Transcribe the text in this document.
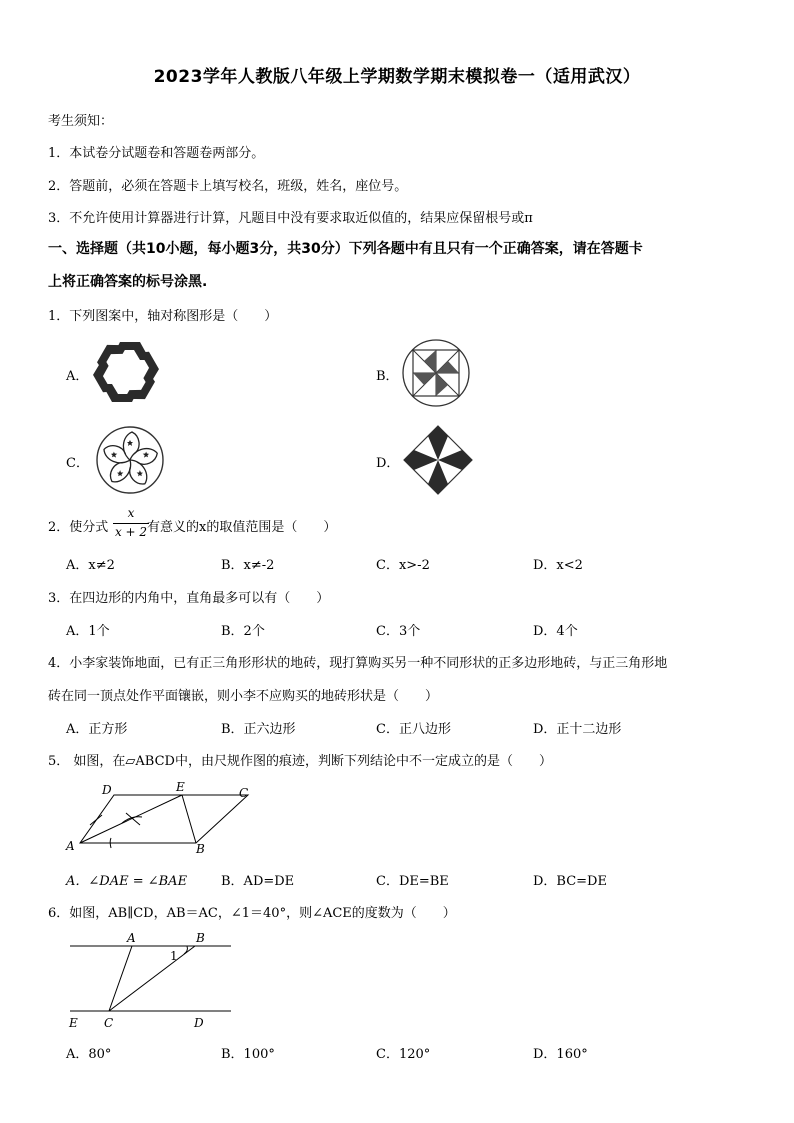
2023学年人教版八年级上学期数学期末模拟卷一（适用武汉）
考生须知：
1．本试卷分试题卷和答题卷两部分。
2．答题前，必须在答题卡上填写校名，班级，姓名，座位号。
3．不允许使用计算器进行计算，凡题目中没有要求取近似值的，结果应保留根号或π
一、选择题（共10小题，每小题3分，共30分）下列各题中有且只有一个正确答案，请在答题卡
上将正确答案的标号涂黑.
1．下列图案中，轴对称图形是（　　）
A．	B．
C．	D．
2．使分式
x
x + 2 有意义的x的取值范围是（　　）
A．x≠2	B．x≠-2	C．x>-2	D．x<2
3．在四边形的内角中，直角最多可以有（　　）
A．1个	B．2个	C．3个	D．4个
4．小李家装饰地面，已有正三角形形状的地砖，现打算购买另一种不同形状的正多边形地砖，与正三角形地
砖在同一顶点处作平面镶嵌，则小李不应购买的地砖形状是（　　）
A．正方形	B．正六边形	C．正八边形	D．正十二边形
5． 如图，在▱ABCD中，由尺规作图的痕迹，判断下列结论中不一定成立的是（　　）
D	E	C
A	B
A．∠DAE = ∠BAE	B．AD=DE	C．DE=BE	D．BC=DE
6．如图，AB∥CD，AB＝AC，∠1＝40°，则∠ACE的度数为（　　）
A	B
1
E C	D
A．80°	B．100°	C．120°	D．160°
